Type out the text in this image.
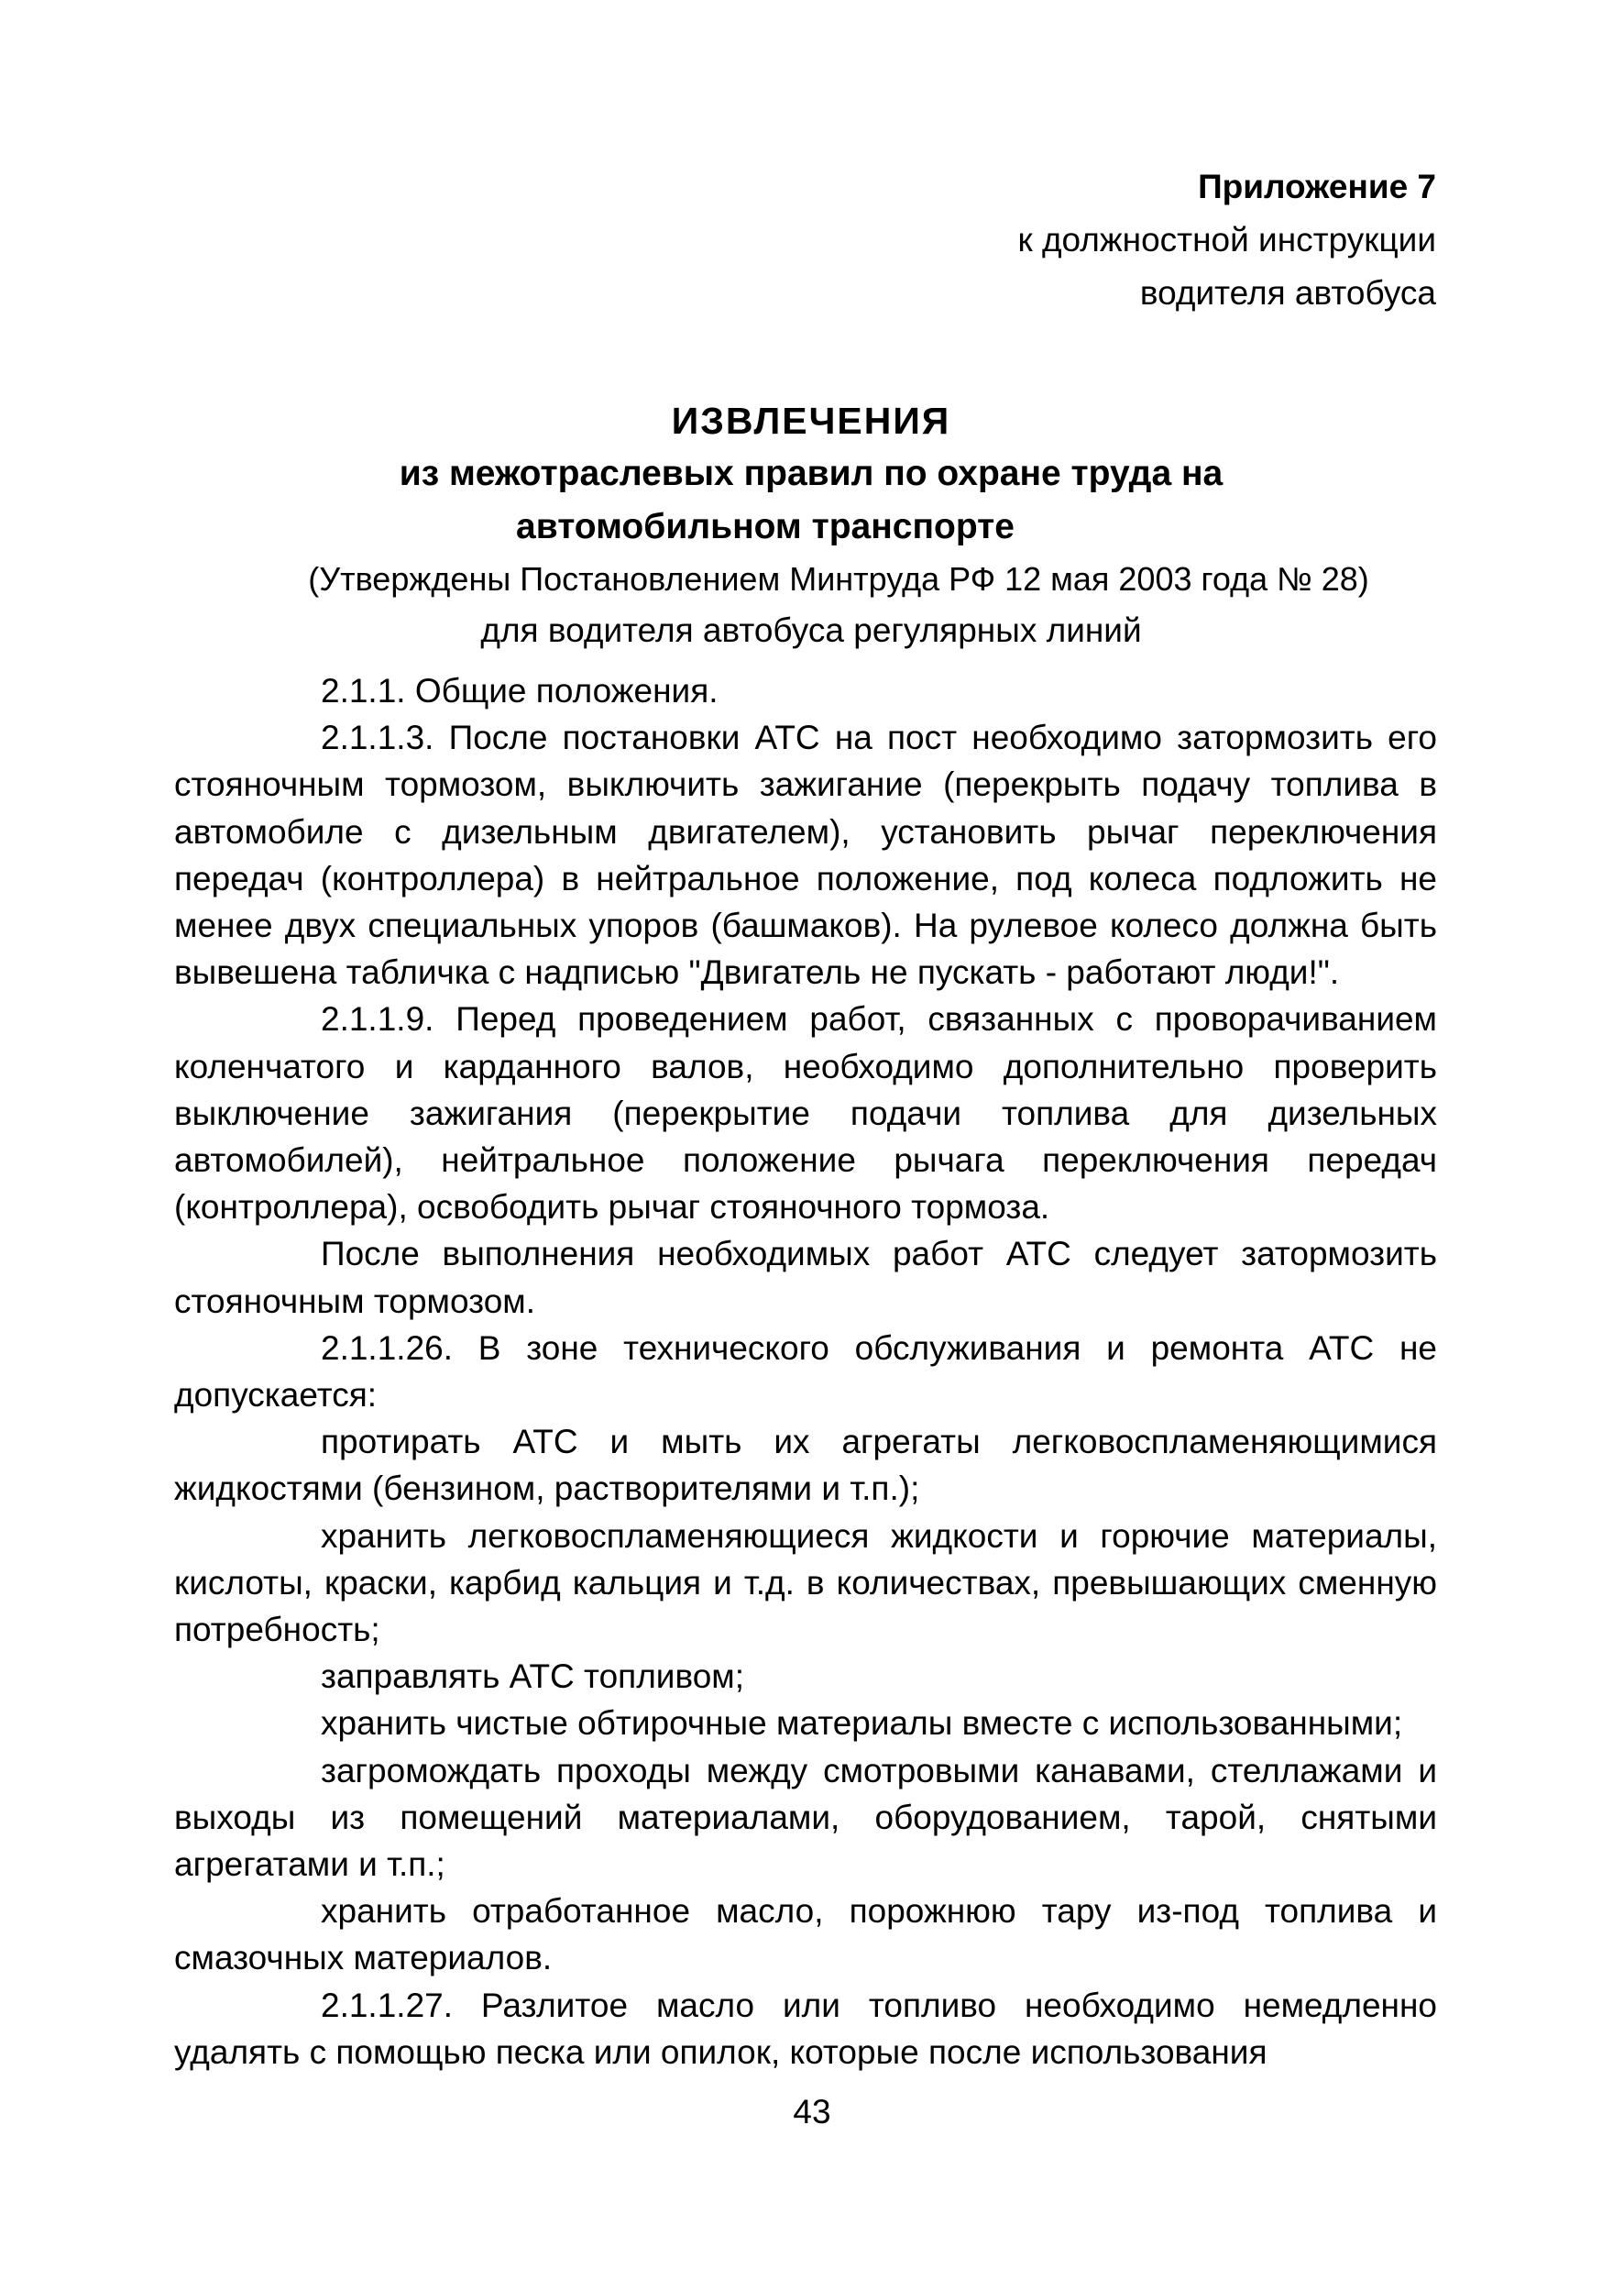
Приложение 7
к должностной инструкции
водителя автобуса
ИЗВЛЕЧЕНИЯ
из межотраслевых правил по охране труда на
автомобильном транспорте
(Утверждены Постановлением Минтруда РФ 12 мая 2003 года № 28)
для водителя автобуса регулярных линий

2.1.1. Общие положения.

2.1.1.3. После постановки АТС на пост необходимо затормозить его стояночным тормозом, выключить зажигание (перекрыть подачу топлива в автомобиле с дизельным двигателем), установить рычаг переключения передач (контроллера) в нейтральное положение, под колеса подложить не менее двух специальных упоров (башмаков). На рулевое колесо должна быть вывешена табличка с надписью "Двигатель не пускать - работают люди!".

2.1.1.9. Перед проведением работ, связанных с проворачиванием коленчатого и карданного валов, необходимо дополнительно проверить выключение зажигания (перекрытие подачи топлива для дизельных автомобилей), нейтральное положение рычага переключения передач (контроллера), освободить рычаг стояночного тормоза.

После выполнения необходимых работ АТС следует затормозить стояночным тормозом.

2.1.1.26. В зоне технического обслуживания и ремонта АТС не допускается:

протирать АТС и мыть их агрегаты легковоспламеняющимися жидкостями (бензином, растворителями и т.п.);

хранить легковоспламеняющиеся жидкости и горючие материалы, кислоты, краски, карбид кальция и т.д. в количествах, превышающих сменную потребность;

заправлять АТС топливом;

хранить чистые обтирочные материалы вместе с использованными;

загромождать проходы между смотровыми канавами, стеллажами и выходы из помещений материалами, оборудованием, тарой, снятыми агрегатами и т.п.;

хранить отработанное масло, порожнюю тару из-под топлива и смазочных материалов.

2.1.1.27. Разлитое масло или топливо необходимо немедленно удалять с помощью песка или опилок, которые после использования

43
